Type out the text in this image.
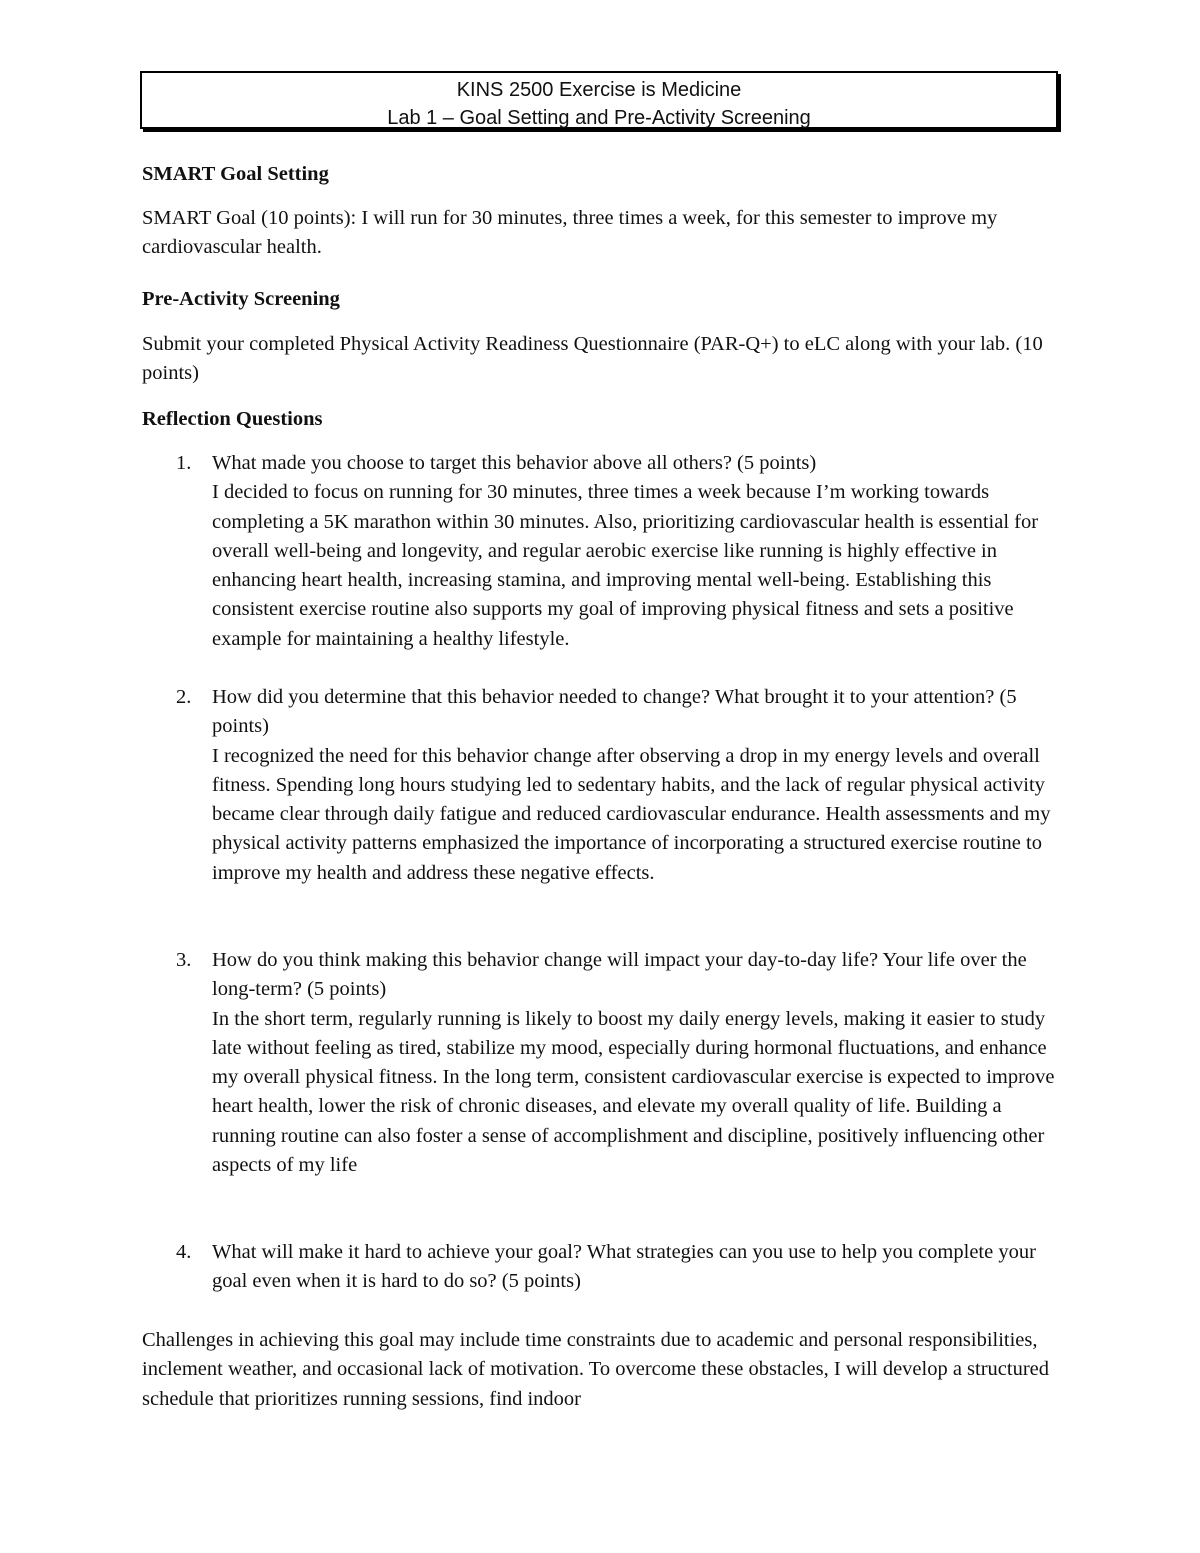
KINS 2500 Exercise is Medicine
Lab 1 – Goal Setting and Pre-Activity Screening
SMART Goal Setting
SMART Goal (10 points): I will run for 30 minutes, three times a week, for this semester to improve my cardiovascular health.
Pre-Activity Screening
Submit your completed Physical Activity Readiness Questionnaire (PAR-Q+) to eLC along with your lab. (10 points)
Reflection Questions
1. What made you choose to target this behavior above all others? (5 points)
I decided to focus on running for 30 minutes, three times a week because I’m working towards completing a 5K marathon within 30 minutes. Also, prioritizing cardiovascular health is essential for overall well-being and longevity, and regular aerobic exercise like running is highly effective in enhancing heart health, increasing stamina, and improving mental well-being. Establishing this consistent exercise routine also supports my goal of improving physical fitness and sets a positive example for maintaining a healthy lifestyle.
2. How did you determine that this behavior needed to change? What brought it to your attention? (5 points)
I recognized the need for this behavior change after observing a drop in my energy levels and overall fitness. Spending long hours studying led to sedentary habits, and the lack of regular physical activity became clear through daily fatigue and reduced cardiovascular endurance. Health assessments and my physical activity patterns emphasized the importance of incorporating a structured exercise routine to improve my health and address these negative effects.
3. How do you think making this behavior change will impact your day-to-day life? Your life over the long-term? (5 points)
In the short term, regularly running is likely to boost my daily energy levels, making it easier to study late without feeling as tired, stabilize my mood, especially during hormonal fluctuations, and enhance my overall physical fitness. In the long term, consistent cardiovascular exercise is expected to improve heart health, lower the risk of chronic diseases, and elevate my overall quality of life. Building a running routine can also foster a sense of accomplishment and discipline, positively influencing other aspects of my life
4. What will make it hard to achieve your goal? What strategies can you use to help you complete your goal even when it is hard to do so? (5 points)
Challenges in achieving this goal may include time constraints due to academic and personal responsibilities, inclement weather, and occasional lack of motivation. To overcome these obstacles, I will develop a structured schedule that prioritizes running sessions, find indoor
